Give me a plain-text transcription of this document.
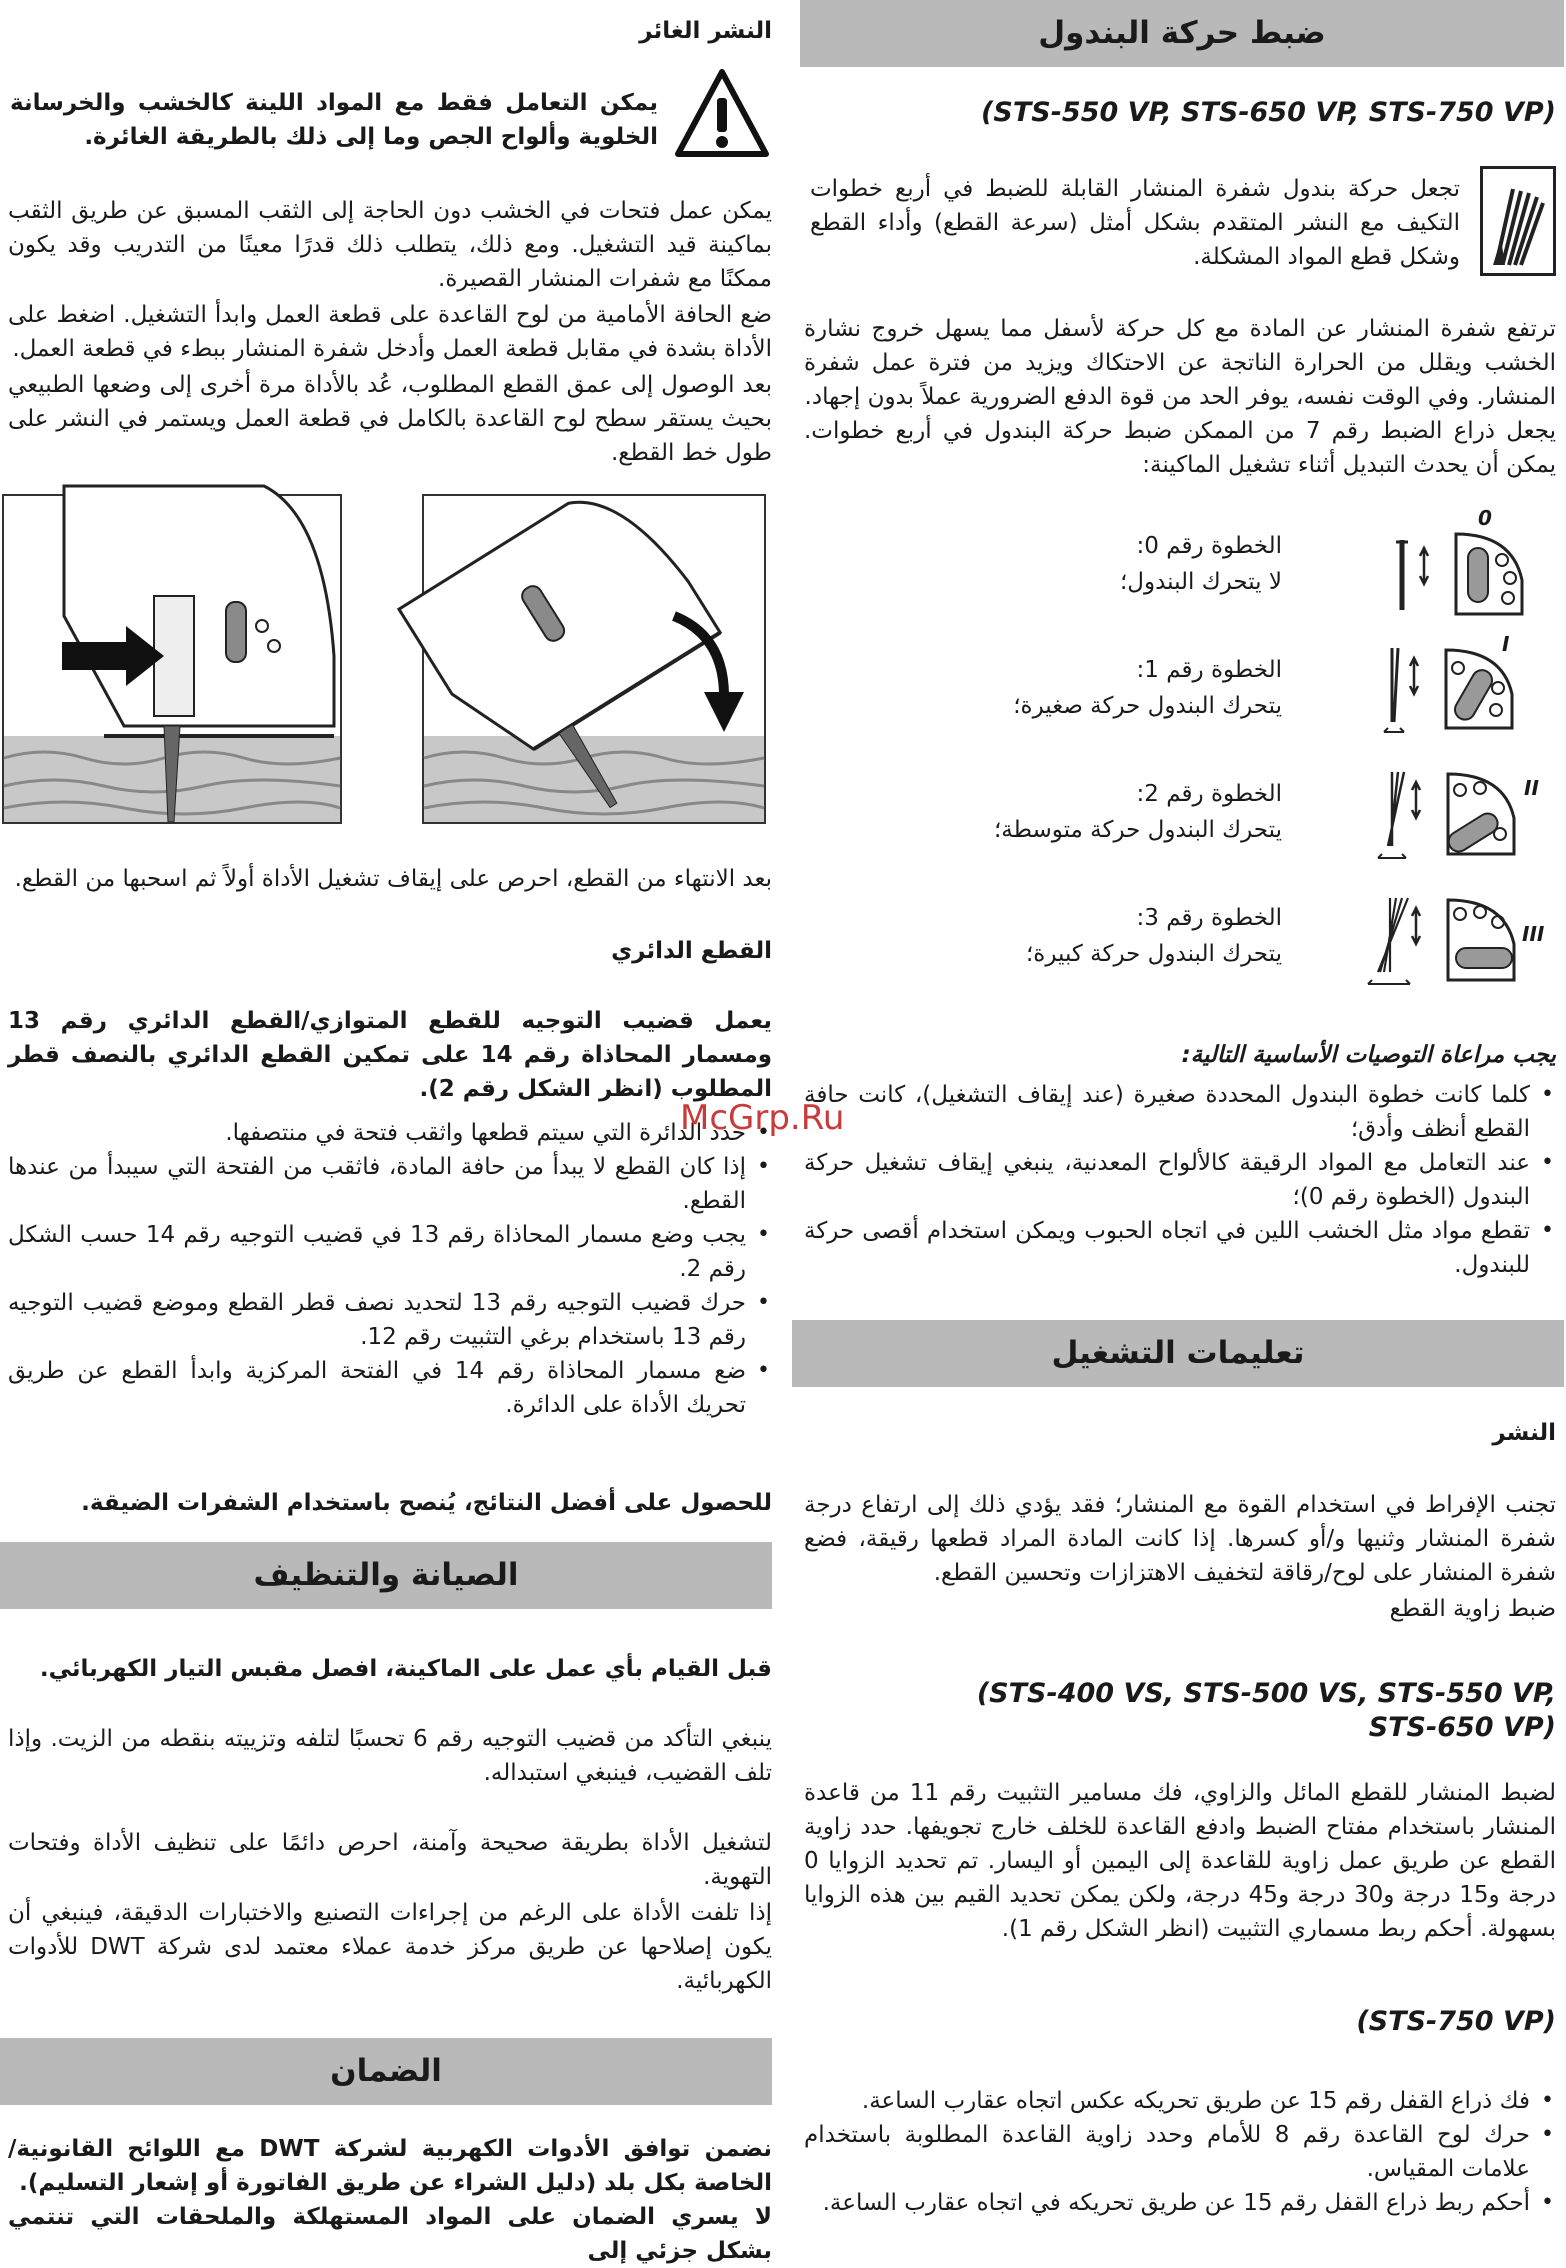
ضبط حركة البندول
(STS-550 VP, STS-650 VP, STS-750 VP)

تجعل حركة بندول شفرة المنشار القابلة للضبط في أربع خطوات التكيف مع النشر المتقدم بشكل أمثل (سرعة القطع) وأداء القطع وشكل قطع المواد المشكلة.

ترتفع شفرة المنشار عن المادة مع كل حركة لأسفل مما يسهل خروج نشارة الخشب ويقلل من الحرارة الناتجة عن الاحتكاك ويزيد من فترة عمل شفرة المنشار. وفي الوقت نفسه، يوفر الحد من قوة الدفع الضرورية عملاً بدون إجهاد.

يجعل ذراع الضبط رقم 7 من الممكن ضبط حركة البندول في أربع خطوات. يمكن أن يحدث التبديل أثناء تشغيل الماكينة:

الخطوة رقم 0:
لا يتحرك البندول؛
0
الخطوة رقم 1:
يتحرك البندول حركة صغيرة؛
I
الخطوة رقم 2:
يتحرك البندول حركة متوسطة؛
II
الخطوة رقم 3:
يتحرك البندول حركة كبيرة؛
III

يجب مراعاة التوصيات الأساسية التالية:

• كلما كانت خطوة البندول المحددة صغيرة (عند إيقاف التشغيل)، كانت حافة القطع أنظف وأدق؛
• عند التعامل مع المواد الرقيقة كالألواح المعدنية، ينبغي إيقاف تشغيل حركة البندول (الخطوة رقم 0)؛
• تقطع مواد مثل الخشب اللين في اتجاه الحبوب ويمكن استخدام أقصى حركة للبندول.
تعليمات التشغيل

النشر

تجنب الإفراط في استخدام القوة مع المنشار؛ فقد يؤدي ذلك إلى ارتفاع درجة شفرة المنشار وثنيها و/أو كسرها. إذا كانت المادة المراد قطعها رقيقة، فضع شفرة المنشار على لوح/رقاقة لتخفيف الاهتزازات وتحسين القطع.

ضبط زاوية القطع

(STS-400 VS, STS-500 VS, STS-550 VP,
STS-650 VP)

لضبط المنشار للقطع المائل والزاوي، فك مسامير التثبيت رقم 11 من قاعدة المنشار باستخدام مفتاح الضبط وادفع القاعدة للخلف خارج تجويفها. حدد زاوية القطع عن طريق عمل زاوية للقاعدة إلى اليمين أو اليسار. تم تحديد الزوايا 0 درجة و15 درجة و30 درجة و45 درجة، ولكن يمكن تحديد القيم بين هذه الزوايا بسهولة. أحكم ربط مسماري التثبيت (انظر الشكل رقم 1).

(STS-750 VP)
• فك ذراع القفل رقم 15 عن طريق تحريكه عكس اتجاه عقارب الساعة.
• حرك لوح القاعدة رقم 8 للأمام وحدد زاوية القاعدة المطلوبة باستخدام علامات المقياس.
• أحكم ربط ذراع القفل رقم 15 عن طريق تحريكه في اتجاه عقارب الساعة.

النشر الغائر

يمكن التعامل فقط مع المواد اللينة كالخشب والخرسانة الخلوية وألواح الجص وما إلى ذلك بالطريقة الغائرة.

يمكن عمل فتحات في الخشب دون الحاجة إلى الثقب المسبق عن طريق الثقب بماكينة قيد التشغيل. ومع ذلك، يتطلب ذلك قدرًا معينًا من التدريب وقد يكون ممكنًا مع شفرات المنشار القصيرة.

ضع الحافة الأمامية من لوح القاعدة على قطعة العمل وابدأ التشغيل. اضغط على الأداة بشدة في مقابل قطعة العمل وأدخل شفرة المنشار ببطء في قطعة العمل.

بعد الوصول إلى عمق القطع المطلوب، عُد بالأداة مرة أخرى إلى وضعها الطبيعي بحيث يستقر سطح لوح القاعدة بالكامل في قطعة العمل ويستمر في النشر على طول خط القطع.

بعد الانتهاء من القطع، احرص على إيقاف تشغيل الأداة أولاً ثم اسحبها من القطع.

القطع الدائري

يعمل قضيب التوجيه للقطع المتوازي/القطع الدائري رقم 13 ومسمار المحاذاة رقم 14 على تمكين القطع الدائري بالنصف قطر المطلوب (انظر الشكل رقم 2).

• حدد الدائرة التي سيتم قطعها واثقب فتحة في منتصفها.
• إذا كان القطع لا يبدأ من حافة المادة، فاثقب من الفتحة التي سيبدأ من عندها القطع.
• يجب وضع مسمار المحاذاة رقم 13 في قضيب التوجيه رقم 14 حسب الشكل رقم 2.
• حرك قضيب التوجيه رقم 13 لتحديد نصف قطر القطع وموضع قضيب التوجيه رقم 13 باستخدام برغي التثبيت رقم 12.
• ضع مسمار المحاذاة رقم 14 في الفتحة المركزية وابدأ القطع عن طريق تحريك الأداة على الدائرة.

للحصول على أفضل النتائج، يُنصح باستخدام الشفرات الضيقة.

الصيانة والتنظيف

قبل القيام بأي عمل على الماكينة، افصل مقبس التيار الكهربائي.

ينبغي التأكد من قضيب التوجيه رقم 6 تحسبًا لتلفه وتزييته بنقطه من الزيت. وإذا تلف القضيب، فينبغي استبداله.

لتشغيل الأداة بطريقة صحيحة وآمنة، احرص دائمًا على تنظيف الأداة وفتحات التهوية.

إذا تلفت الأداة على الرغم من إجراءات التصنيع والاختبارات الدقيقة، فينبغي أن يكون إصلاحها عن طريق مركز خدمة عملاء معتمد لدى شركة DWT للأدوات الكهربائية.

الضمان

نضمن توافق الأدوات الكهربية لشركة DWT مع اللوائح القانونية/الخاصة بكل بلد (دليل الشراء عن طريق الفاتورة أو إشعار التسليم).

لا يسري الضمان على المواد المستهلكة والملحقات التي تنتمي بشكل جزئي إلى

McGrp.Ru
